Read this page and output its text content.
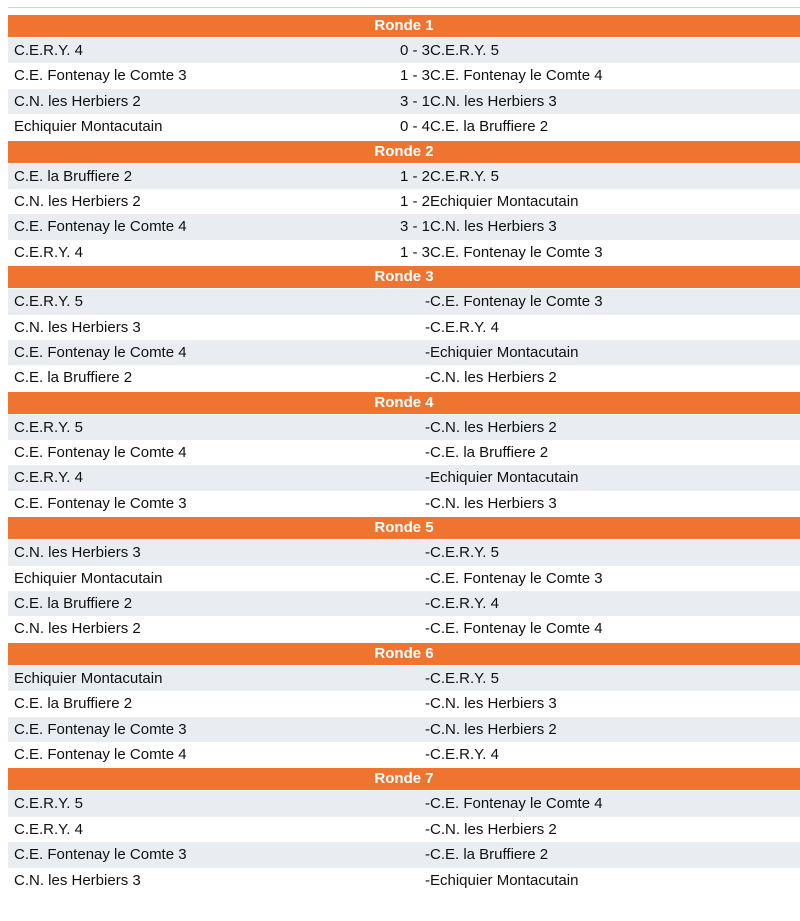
Ronde 1
C.E.R.Y. 4	0 - 3 C.E.R.Y. 5
C.E. Fontenay le Comte 3	1 - 3 C.E. Fontenay le Comte 4
C.N. les Herbiers 2	3 - 1 C.N. les Herbiers 3
Echiquier Montacutain	0 - 4 C.E. la Bruffiere 2
Ronde 2
C.E. la Bruffiere 2	1 - 2 C.E.R.Y. 5
C.N. les Herbiers 2	1 - 2 Echiquier Montacutain
C.E. Fontenay le Comte 4	3 - 1 C.N. les Herbiers 3
C.E.R.Y. 4	1 - 3 C.E. Fontenay le Comte 3
Ronde 3
C.E.R.Y. 5	- C.E. Fontenay le Comte 3
C.N. les Herbiers 3	- C.E.R.Y. 4
C.E. Fontenay le Comte 4	- Echiquier Montacutain
C.E. la Bruffiere 2	- C.N. les Herbiers 2
Ronde 4
C.E.R.Y. 5	- C.N. les Herbiers 2
C.E. Fontenay le Comte 4	- C.E. la Bruffiere 2
C.E.R.Y. 4	- Echiquier Montacutain
C.E. Fontenay le Comte 3	- C.N. les Herbiers 3
Ronde 5
C.N. les Herbiers 3	- C.E.R.Y. 5
Echiquier Montacutain	- C.E. Fontenay le Comte 3
C.E. la Bruffiere 2	- C.E.R.Y. 4
C.N. les Herbiers 2	- C.E. Fontenay le Comte 4
Ronde 6
Echiquier Montacutain	- C.E.R.Y. 5
C.E. la Bruffiere 2	- C.N. les Herbiers 3
C.E. Fontenay le Comte 3	- C.N. les Herbiers 2
C.E. Fontenay le Comte 4	- C.E.R.Y. 4
Ronde 7
C.E.R.Y. 5	- C.E. Fontenay le Comte 4
C.E.R.Y. 4	- C.N. les Herbiers 2
C.E. Fontenay le Comte 3	- C.E. la Bruffiere 2
C.N. les Herbiers 3	- Echiquier Montacutain
